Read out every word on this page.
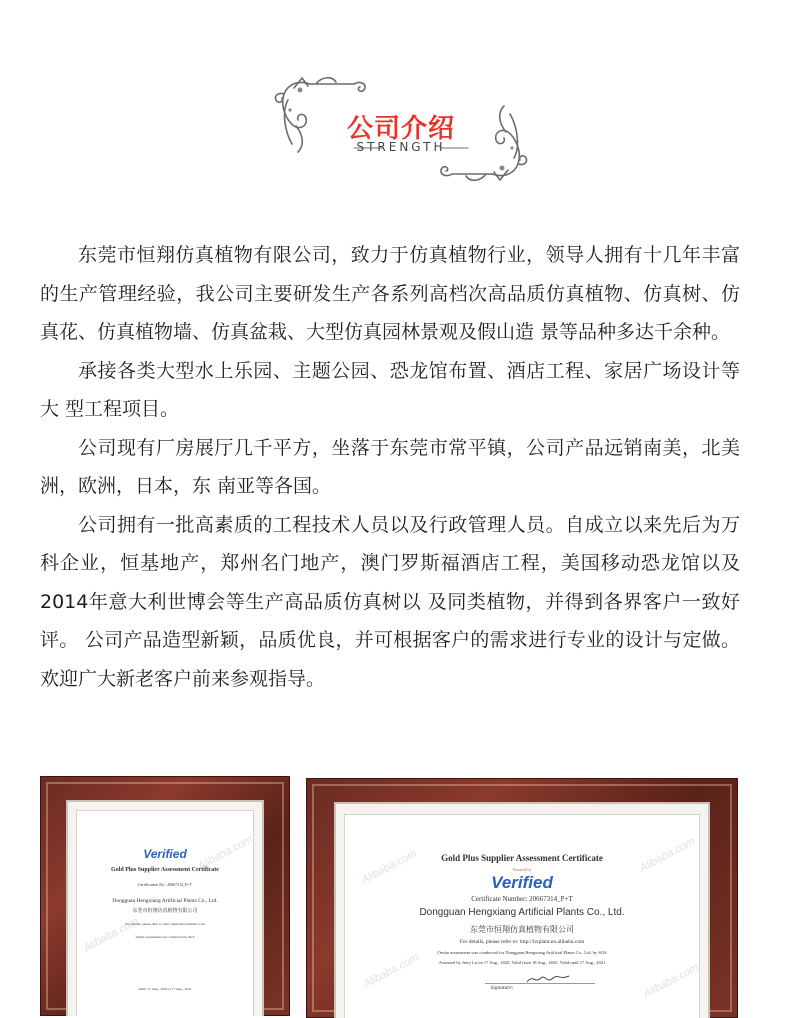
公司介绍
STRENGTH

东莞市恒翔仿真植物有限公司，致力于仿真植物行业，领导人拥有十几年丰富的生产管理经验，我公司主要研发生产各系列高档次高品质仿真植物、仿真树、仿真花、仿真植物墙、仿真盆栽、大型仿真园林景观及假山造 景等品种多达千余种。

承接各类大型水上乐园、主题公园、恐龙馆布置、酒店工程、家居广场设计等大 型工程项目。

公司现有厂房展厅几千平方，坐落于东莞市常平镇，公司产品远销南美，北美洲，欧洲，日本，东 南亚等各国。

公司拥有一批高素质的工程技术人员以及行政管理人员。自成立以来先后为万科企业，恒基地产，郑州名门地产，澳门罗斯福酒店工程，美国移动恐龙馆以及2014年意大利世博会等生产高品质仿真树以 及同类植物，并得到各界客户一致好评。 公司产品造型新颖，品质优良，并可根据客户的需求进行专业的设计与定做。欢迎广大新老客户前来参观指导。

Alibaba.com
Alibaba.com
Verified
Gold Plus Supplier Assessment Certificate
Certification No.: 20667314_P+T
Dongguan Hengxiang Artificial Plants Co., Ltd.
东莞市恒翔仿真植物有限公司
For details, please refer to: http://hxplant.en.alibaba.com
Onsite assessment was conducted by SGS
Valid: 17 Aug., 2019 to 17 Aug., 2021
Alibaba.com	Alibaba.com
Alibaba.com	Alibaba.com
Gold Plus Supplier Assessment Certificate
Powered by
Verified
Certificate Number: 20667314_P+T
Dongguan Hengxiang Artificial Plants Co., Ltd.
东莞市恒翔仿真植物有限公司
For details, please refer to: http://hxplant.en.alibaba.com
Onsite assessment was conducted for Dongguan Hengxiang Artificial Plants Co., Ltd. by SGS
Assessed by Jerry Lu on 17 Aug., 2020, Valid from 18 Aug., 2020. Valid until 17 Aug., 2021
Signature:
